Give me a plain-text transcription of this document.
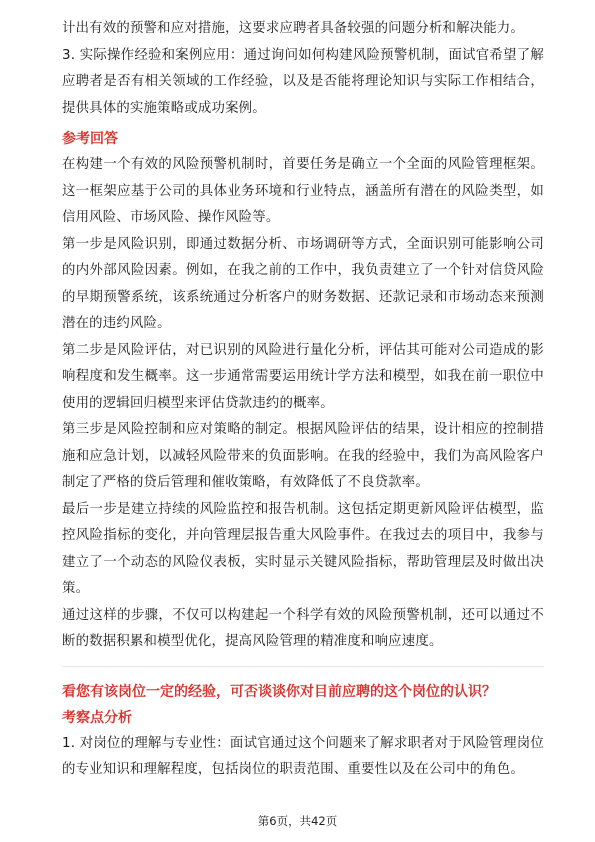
计出有效的预警和应对措施，这要求应聘者具备较强的问题分析和解决能力。

3. 实际操作经验和案例应用：通过询问如何构建风险预警机制，面试官希望了解应聘者是否有相关领域的工作经验，以及是否能将理论知识与实际工作相结合，提供具体的实施策略或成功案例。

参考回答

在构建一个有效的风险预警机制时，首要任务是确立一个全面的风险管理框架。这一框架应基于公司的具体业务环境和行业特点，涵盖所有潜在的风险类型，如信用风险、市场风险、操作风险等。

第一步是风险识别，即通过数据分析、市场调研等方式，全面识别可能影响公司的内外部风险因素。例如，在我之前的工作中，我负责建立了一个针对信贷风险的早期预警系统，该系统通过分析客户的财务数据、还款记录和市场动态来预测潜在的违约风险。

第二步是风险评估，对已识别的风险进行量化分析，评估其可能对公司造成的影响程度和发生概率。这一步通常需要运用统计学方法和模型，如我在前一职位中使用的逻辑回归模型来评估贷款违约的概率。

第三步是风险控制和应对策略的制定。根据风险评估的结果，设计相应的控制措施和应急计划，以减轻风险带来的负面影响。在我的经验中，我们为高风险客户制定了严格的贷后管理和催收策略，有效降低了不良贷款率。

最后一步是建立持续的风险监控和报告机制。这包括定期更新风险评估模型，监控风险指标的变化，并向管理层报告重大风险事件。在我过去的项目中，我参与建立了一个动态的风险仪表板，实时显示关键风险指标，帮助管理层及时做出决策。

通过这样的步骤，不仅可以构建起一个科学有效的风险预警机制，还可以通过不断的数据积累和模型优化，提高风险管理的精准度和响应速度。

看您有该岗位一定的经验，可否谈谈你对目前应聘的这个岗位的认识？
考察点分析

1. 对岗位的理解与专业性：面试官通过这个问题来了解求职者对于风险管理岗位的专业知识和理解程度，包括岗位的职责范围、重要性以及在公司中的角色。

第6页，共42页
